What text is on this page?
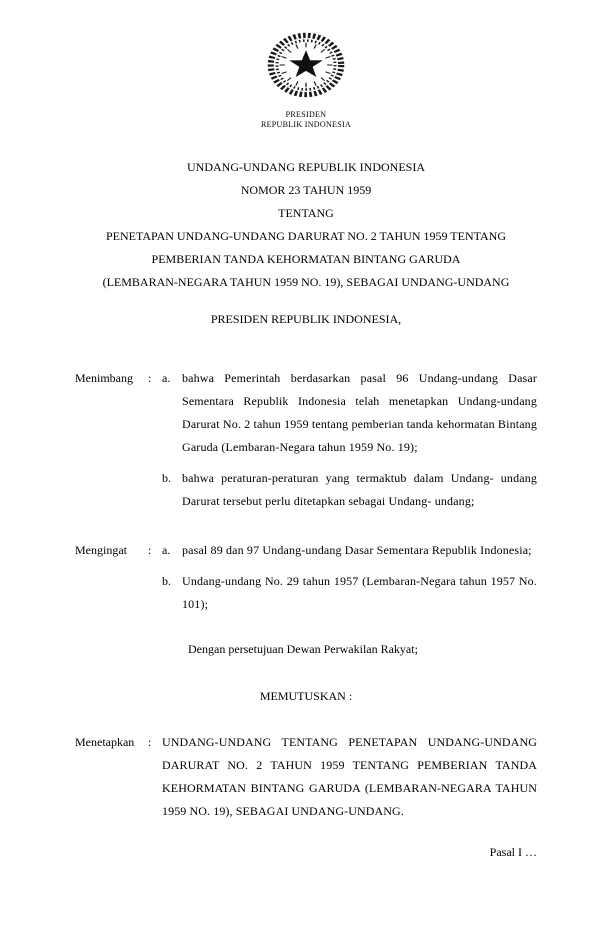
PRESIDEN
REPUBLIK INDONESIA
UNDANG-UNDANG REPUBLIK INDONESIA
NOMOR 23 TAHUN 1959
TENTANG
PENETAPAN UNDANG-UNDANG DARURAT NO. 2 TAHUN 1959 TENTANG
PEMBERIAN TANDA KEHORMATAN BINTANG GARUDA
(LEMBARAN-NEGARA TAHUN 1959 NO. 19), SEBAGAI UNDANG-UNDANG
PRESIDEN REPUBLIK INDONESIA,
Menimbang	: a. bahwa Pemerintah berdasarkan pasal 96 Undang-undang Dasar Sementara Republik Indonesia telah menetapkan Undang-undang Darurat No. 2 tahun 1959 tentang pemberian tanda kehormatan Bintang Garuda (Lembaran-Negara tahun 1959 No. 19);
b. bahwa peraturan-peraturan yang termaktub dalam Undang- undang Darurat tersebut perlu ditetapkan sebagai Undang- undang;
Mengingat	: a. pasal 89 dan 97 Undang-undang Dasar Sementara Republik Indonesia;
b. Undang-undang No. 29 tahun 1957 (Lembaran-Negara tahun 1957 No. 101);
Dengan persetujuan Dewan Perwakilan Rakyat;
MEMUTUSKAN :
Menetapkan	: UNDANG-UNDANG TENTANG PENETAPAN UNDANG-UNDANG DARURAT NO. 2 TAHUN 1959 TENTANG PEMBERIAN TANDA KEHORMATAN BINTANG GARUDA (LEMBARAN-NEGARA TAHUN 1959 NO. 19), SEBAGAI UNDANG-UNDANG.
Pasal I …
